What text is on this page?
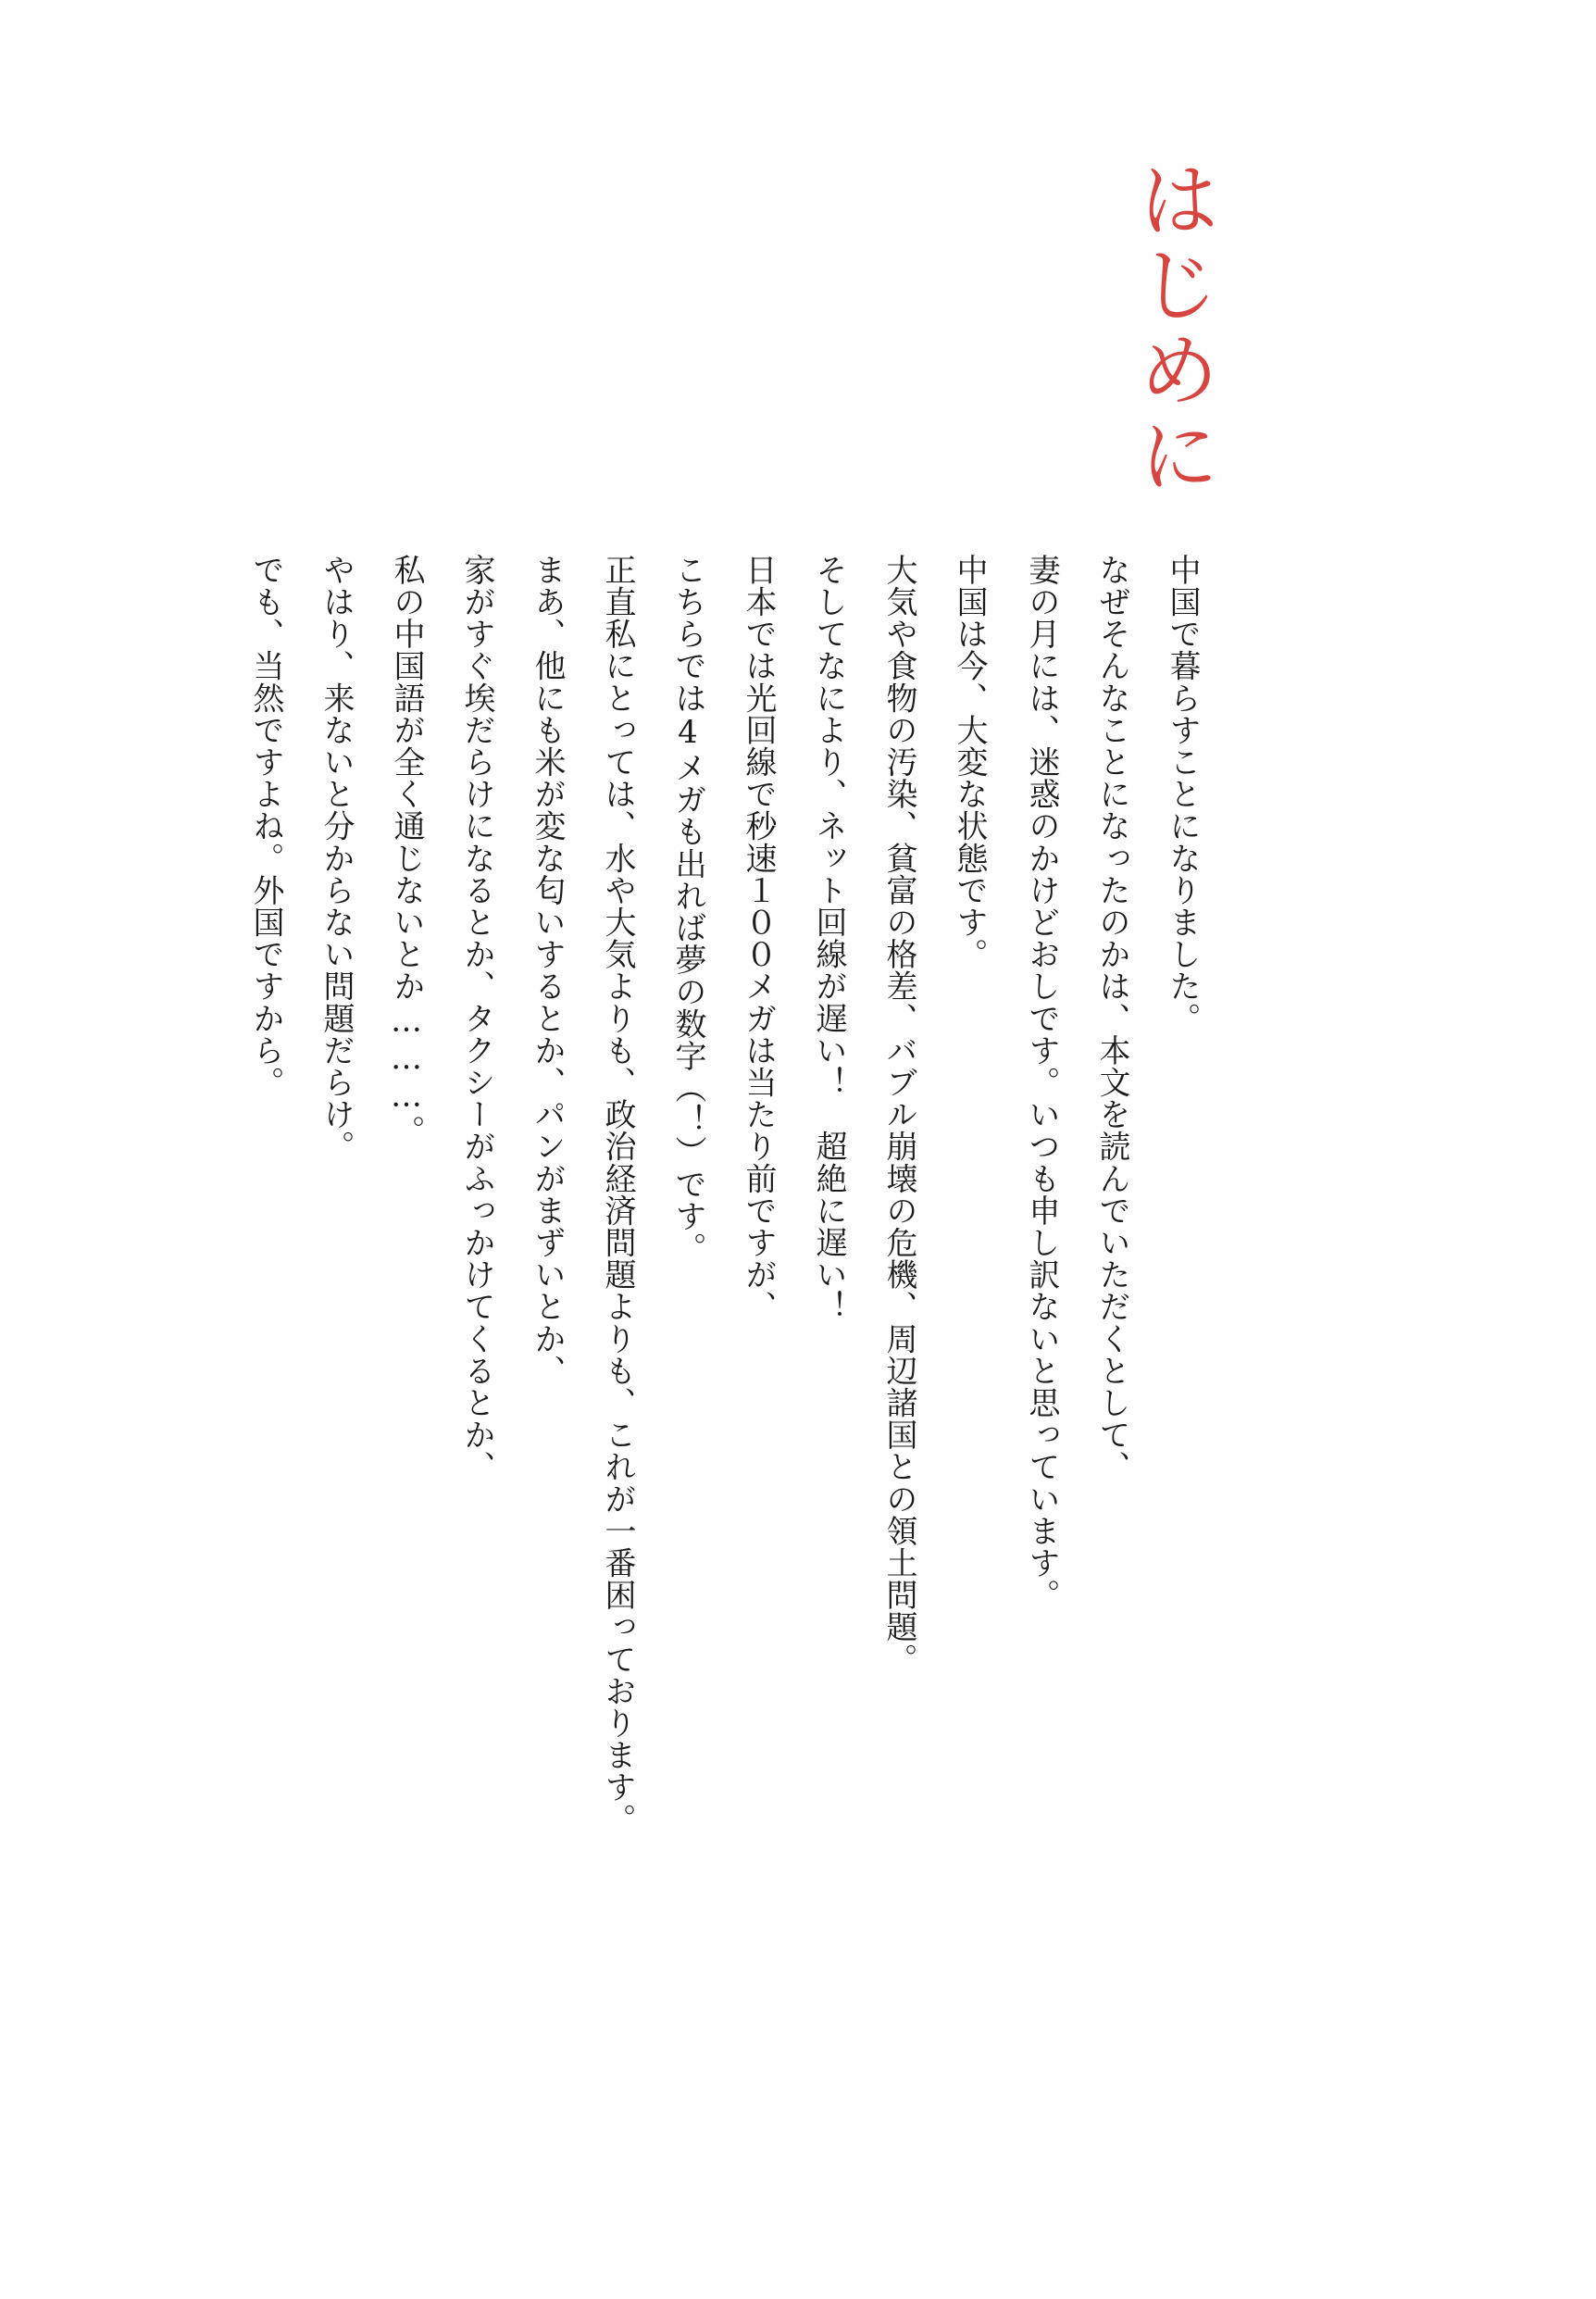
はじめに
中国で暮らすことになりました。
なぜそんなことになったのかは、本文を読んでいただくとして、
妻の月には、迷惑のかけどおしです。いつも申し訳ないと思っています。
中国は今、大変な状態です。
大気や食物の汚染、貧富の格差、バブル崩壊の危機、周辺諸国との領土問題。
そしてなにより、ネット回線が遅い！　超絶に遅い！
日本では光回線で秒速１００メガは当たり前ですが、
こちらでは4メガも出れば夢の数字（！）です。
正直私にとっては、水や大気よりも、政治経済問題よりも、これが一番困っております。
まあ、他にも米が変な匂いするとか、パンがまずいとか、
家がすぐ埃だらけになるとか、タクシーがふっかけてくるとか、
私の中国語が全く通じないとか………。
やはり、来ないと分からない問題だらけ。
でも、当然ですよね。外国ですから。
